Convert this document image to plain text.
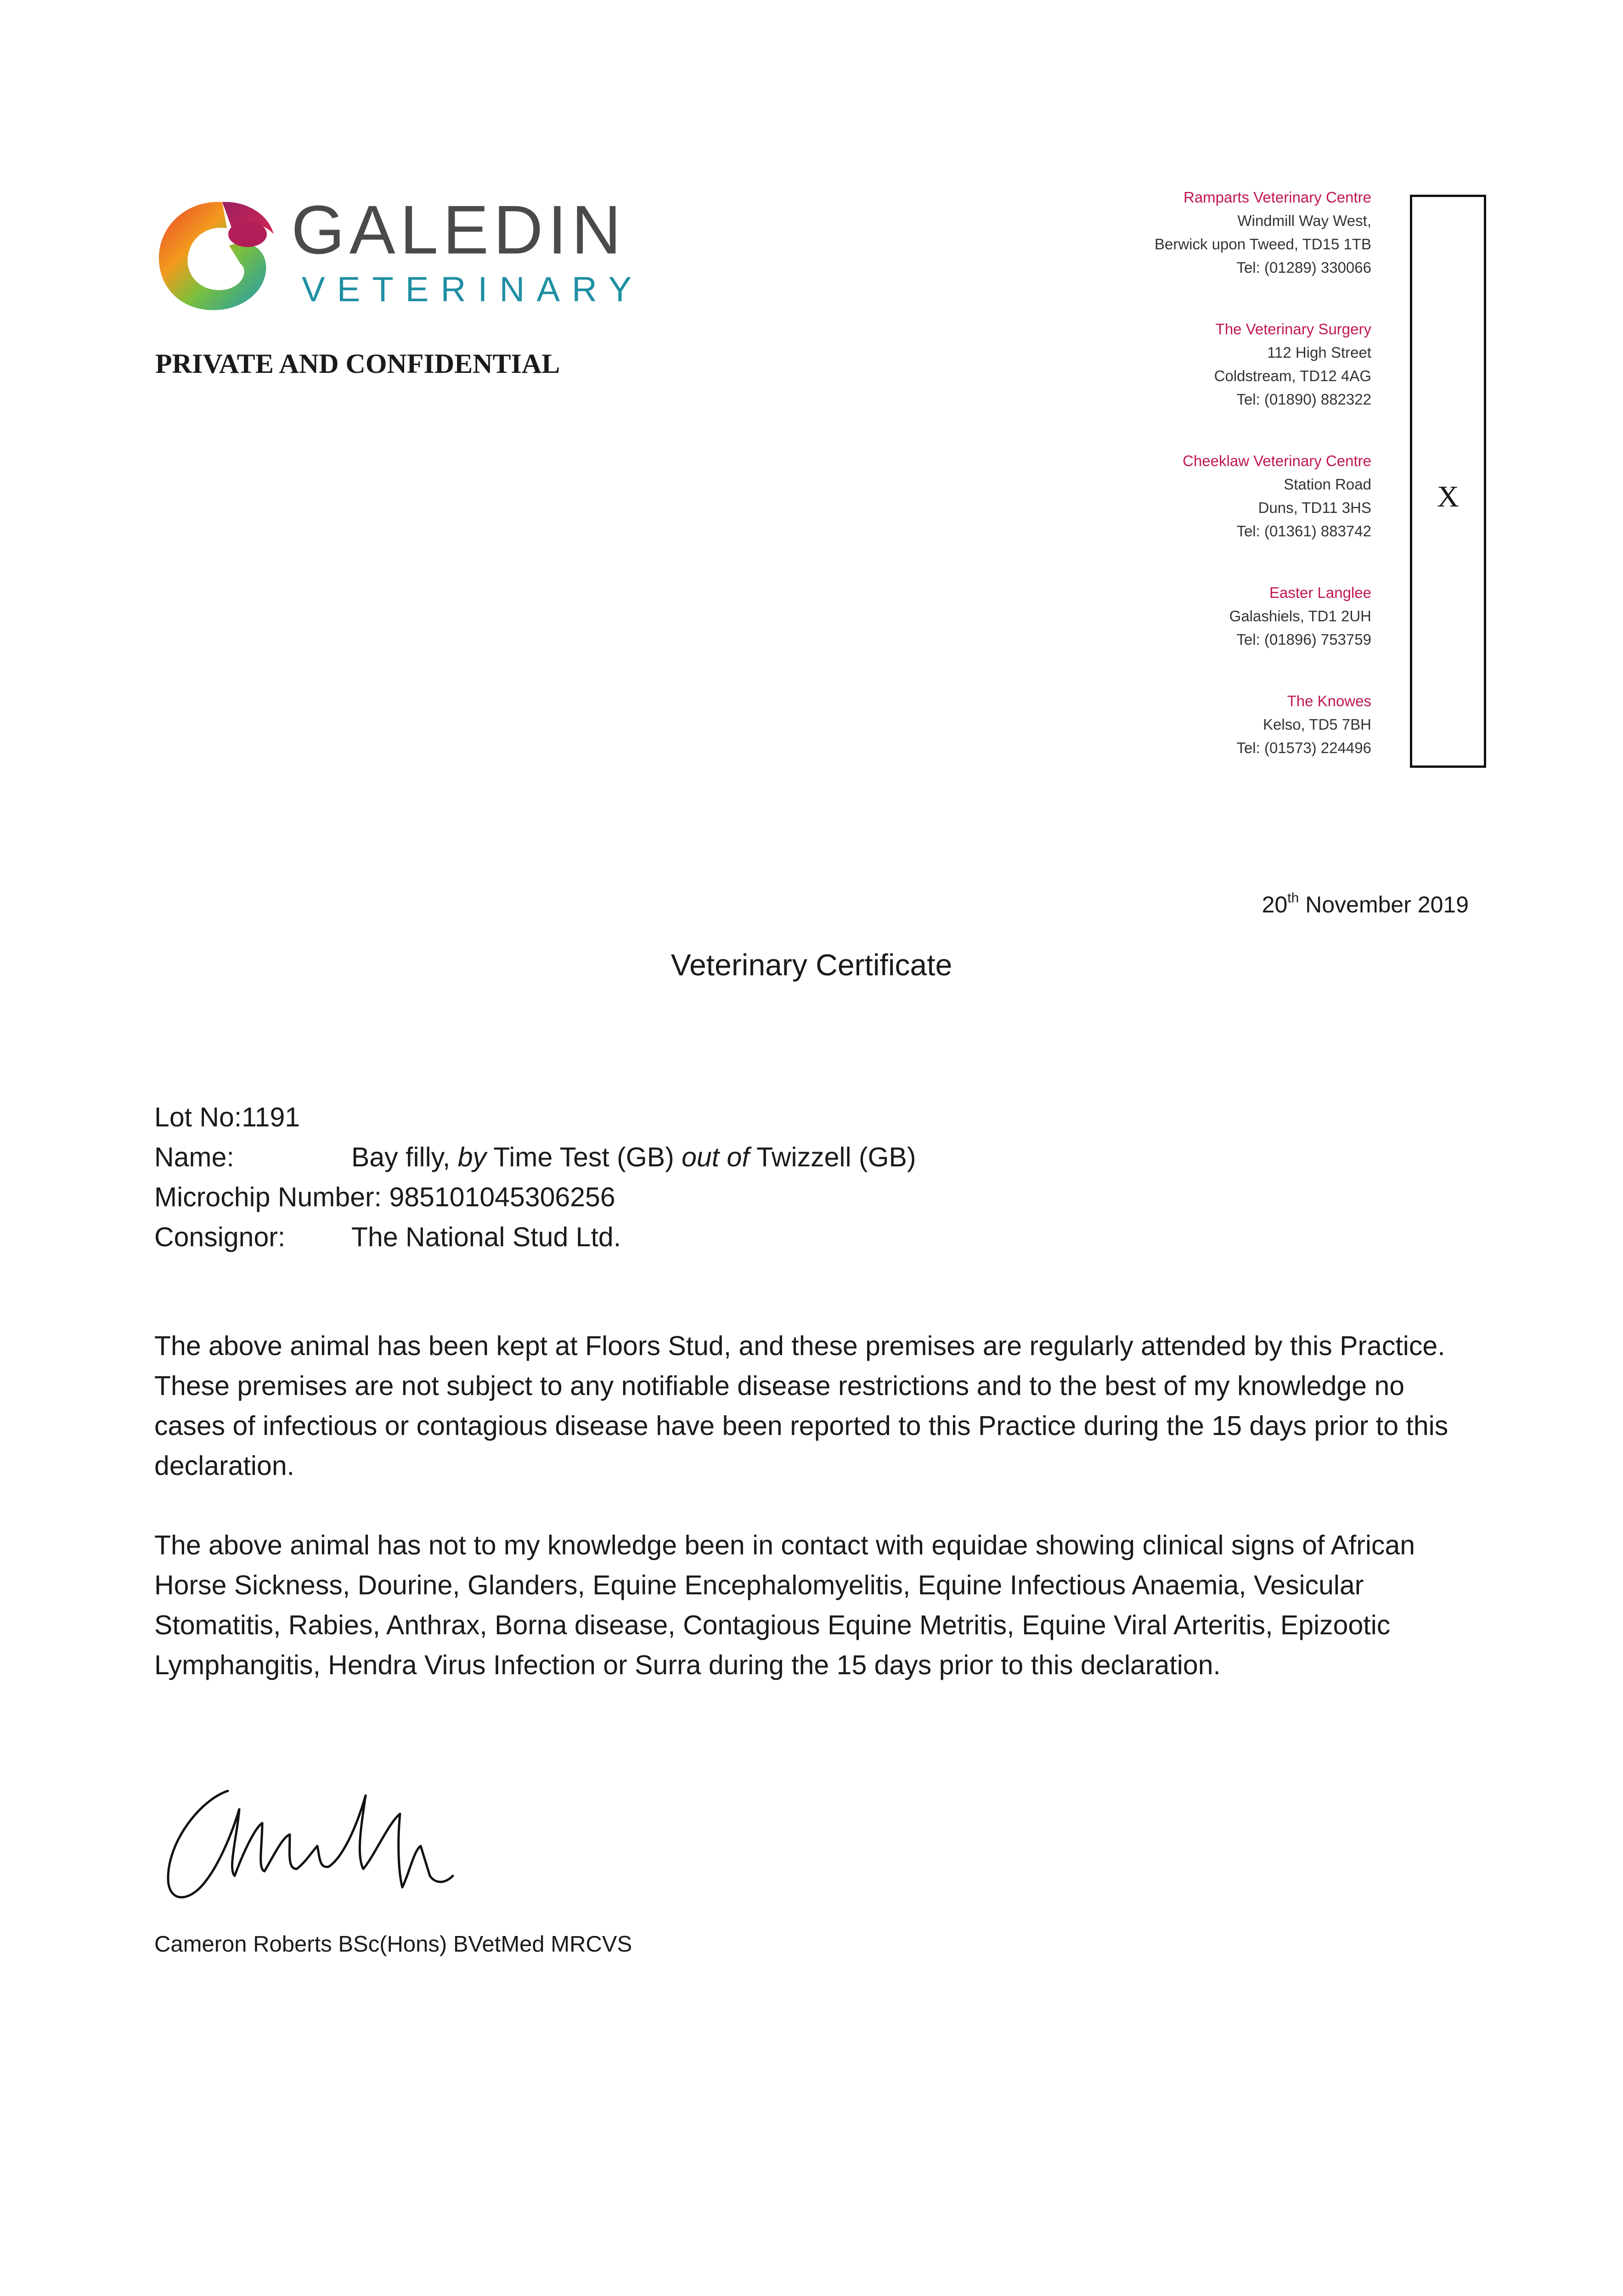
GALEDIN
VETERINARY
PRIVATE AND CONFIDENTIAL
Ramparts Veterinary Centre
Windmill Way West,
Berwick upon Tweed, TD15 1TB
Tel: (01289) 330066
The Veterinary Surgery
112 High Street
Coldstream, TD12 4AG
Tel: (01890) 882322
Cheeklaw Veterinary Centre
Station Road
Duns, TD11 3HS
Tel: (01361) 883742
Easter Langlee
Galashiels, TD1 2UH
Tel: (01896) 753759
The Knowes
Kelso, TD5 7BH
Tel: (01573) 224496
X
20th November 2019
Veterinary Certificate
Lot No:1191
Name:	Bay filly, by Time Test (GB) out of Twizzell (GB)
Microchip Number: 985101045306256
Consignor: The National Stud Ltd.
The above animal has been kept at Floors Stud, and these premises are regularly attended by this Practice. These premises are not subject to any notifiable disease restrictions and to the best of my knowledge no cases of infectious or contagious disease have been reported to this Practice during the 15 days prior to this declaration.
The above animal has not to my knowledge been in contact with equidae showing clinical signs of African Horse Sickness, Dourine, Glanders, Equine Encephalomyelitis, Equine Infectious Anaemia, Vesicular Stomatitis, Rabies, Anthrax, Borna disease, Contagious Equine Metritis, Equine Viral Arteritis, Epizootic Lymphangitis, Hendra Virus Infection or Surra during the 15 days prior to this declaration.
Cameron Roberts BSc(Hons) BVetMed MRCVS
